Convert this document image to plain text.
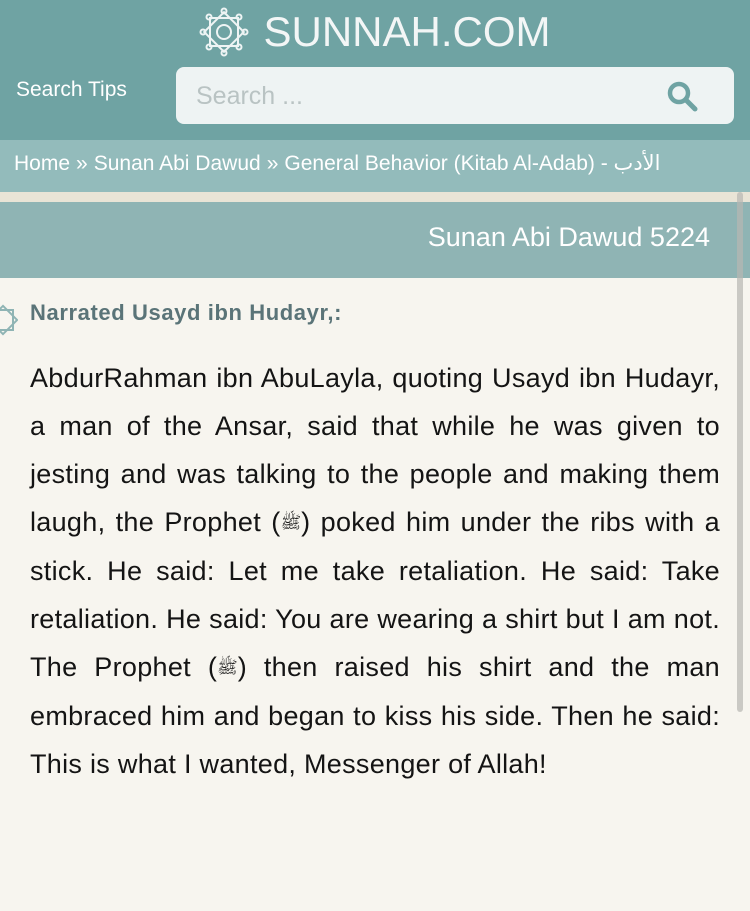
SUNNAH.COM
Search Tips
Search ...
Home » Sunan Abi Dawud » General Behavior (Kitab Al-Adab) - الأدب
Sunan Abi Dawud 5224
Narrated Usayd ibn Hudayr,:
AbdurRahman ibn AbuLayla, quoting Usayd ibn Hudayr, a man of the Ansar, said that while he was given to jesting and was talking to the people and making them laugh, the Prophet (ﷺ) poked him under the ribs with a stick. He said: Let me take retaliation. He said: Take retaliation. He said: You are wearing a shirt but I am not. The Prophet (ﷺ) then raised his shirt and the man embraced him and began to kiss his side. Then he said: This is what I wanted, Messenger of Allah!
